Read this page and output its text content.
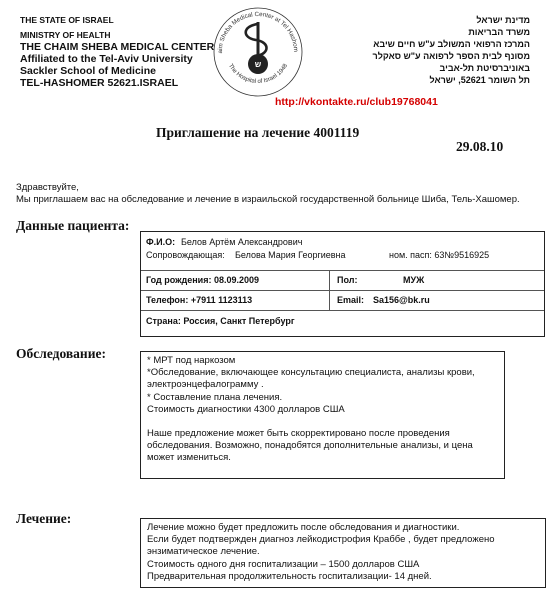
THE STATE OF ISRAEL
MINISTRY OF HEALTH
THE CHAIM SHEBA MEDICAL CENTER
Affiliated to the Tel-Aviv University
Sackler School of Medicine
TEL-HASHOMER 52621.ISRAEL
aim Sheba Medical Center at Tel Hashom
The Hospital of Israel 1948
ש
מדינת ישראל
משרד הבריאות
המרכז הרפואי המשולב ע"ש חיים שיבא
מסונף לבית הספר לרפואה ע"ש סאקלר
באוניברסיטת תל-אביב
תל השומר 52621, ישראל
http://vkontakte.ru/club19768041
Приглашение на лечение 4001119
29.08.10
Здравствуйте,
Мы приглашаем вас на обследование и лечение в израильской государственной больнице Шиба, Тель-Хашомер.
Данные пациента:
Ф.И.О: Белов Артём Александрович
Сопровождающая: Белова Мария Георгиевна	ном. пасп: 63№9516925
Год рождения: 08.09.2009	Пол:	МУЖ
Телефон: +7911 1123113	Email: Sa156@bk.ru
Страна: Россия, Санкт Петербург
Обследование:	* МРТ под наркозом

*Обследование, включающее консультацию специалиста, анализы крови,

электроэнцефалограмму .

* Составление плана лечения.

Стоимость диагностики 4300 долларов США

Наше предложение может быть скорректировано после проведения

обследования. Возможно, понадобятся дополнительные анализы, и цена

может измениться.

Лечение:

Лечение можно будет предложить после обследования и диагностики.

Если будет подтвержден диагноз лейкодистрофия Краббе , будет предложено

энзиматическое лечение.

Стоимость одного дня госпитализации – 1500 долларов США

Предварительная продолжительность госпитализации- 14 дней.
